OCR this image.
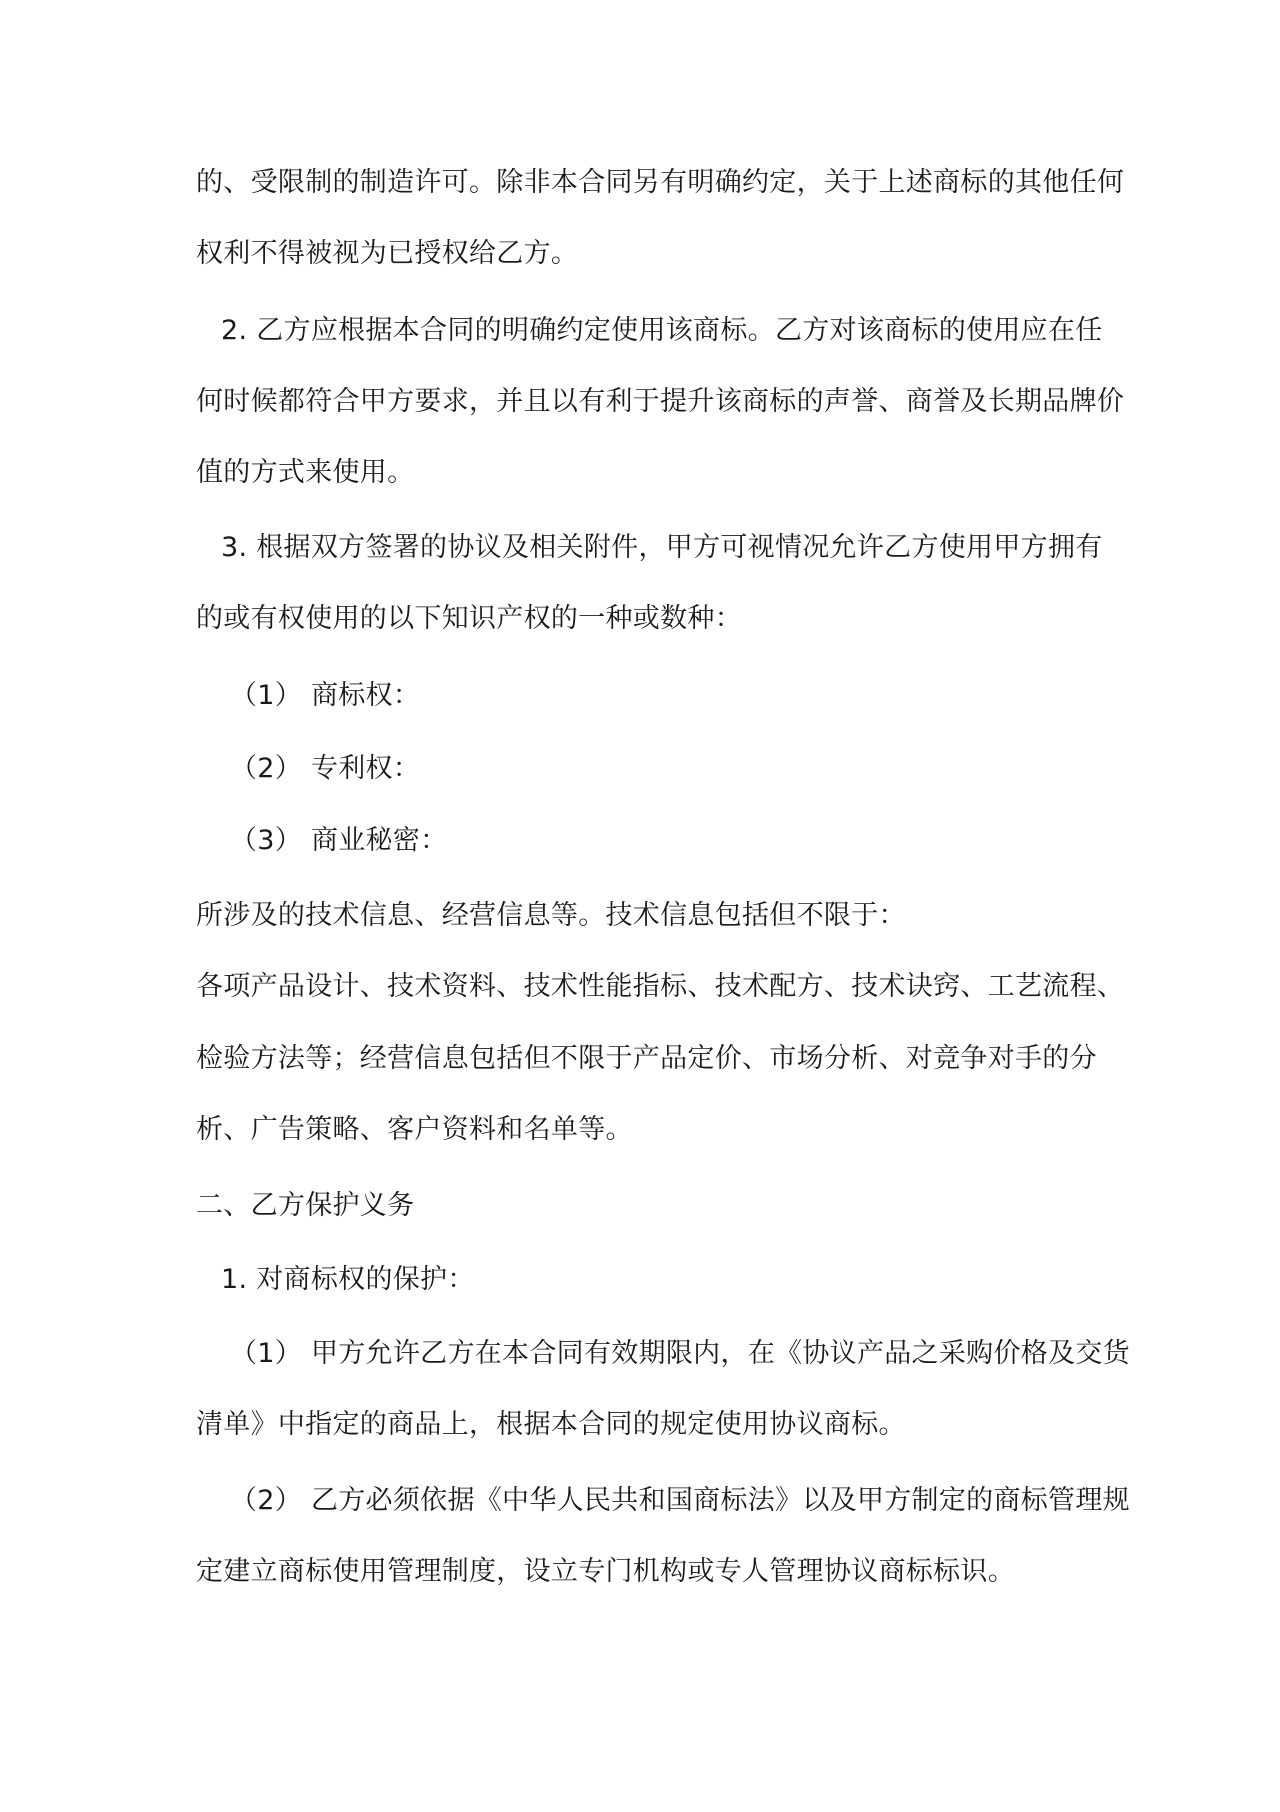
的、受限制的制造许可。除非本合同另有明确约定，关于上述商标的其他任何
权利不得被视为已授权给乙方。
2. 乙方应根据本合同的明确约定使用该商标。乙方对该商标的使用应在任
何时候都符合甲方要求，并且以有利于提升该商标的声誉、商誉及长期品牌价
值的方式来使用。
3. 根据双方签署的协议及相关附件，甲方可视情况允许乙方使用甲方拥有
的或有权使用的以下知识产权的一种或数种：
（1） 商标权：
（2） 专利权：
（3） 商业秘密：
所涉及的技术信息、经营信息等。技术信息包括但不限于：
各项产品设计、技术资料、技术性能指标、技术配方、技术诀窍、工艺流程、
检验方法等；经营信息包括但不限于产品定价、市场分析、对竞争对手的分
析、广告策略、客户资料和名单等。
二、乙方保护义务
1. 对商标权的保护：
（1） 甲方允许乙方在本合同有效期限内，在《协议产品之采购价格及交货
清单》中指定的商品上，根据本合同的规定使用协议商标。
（2） 乙方必须依据《中华人民共和国商标法》以及甲方制定的商标管理规
定建立商标使用管理制度，设立专门机构或专人管理协议商标标识。
